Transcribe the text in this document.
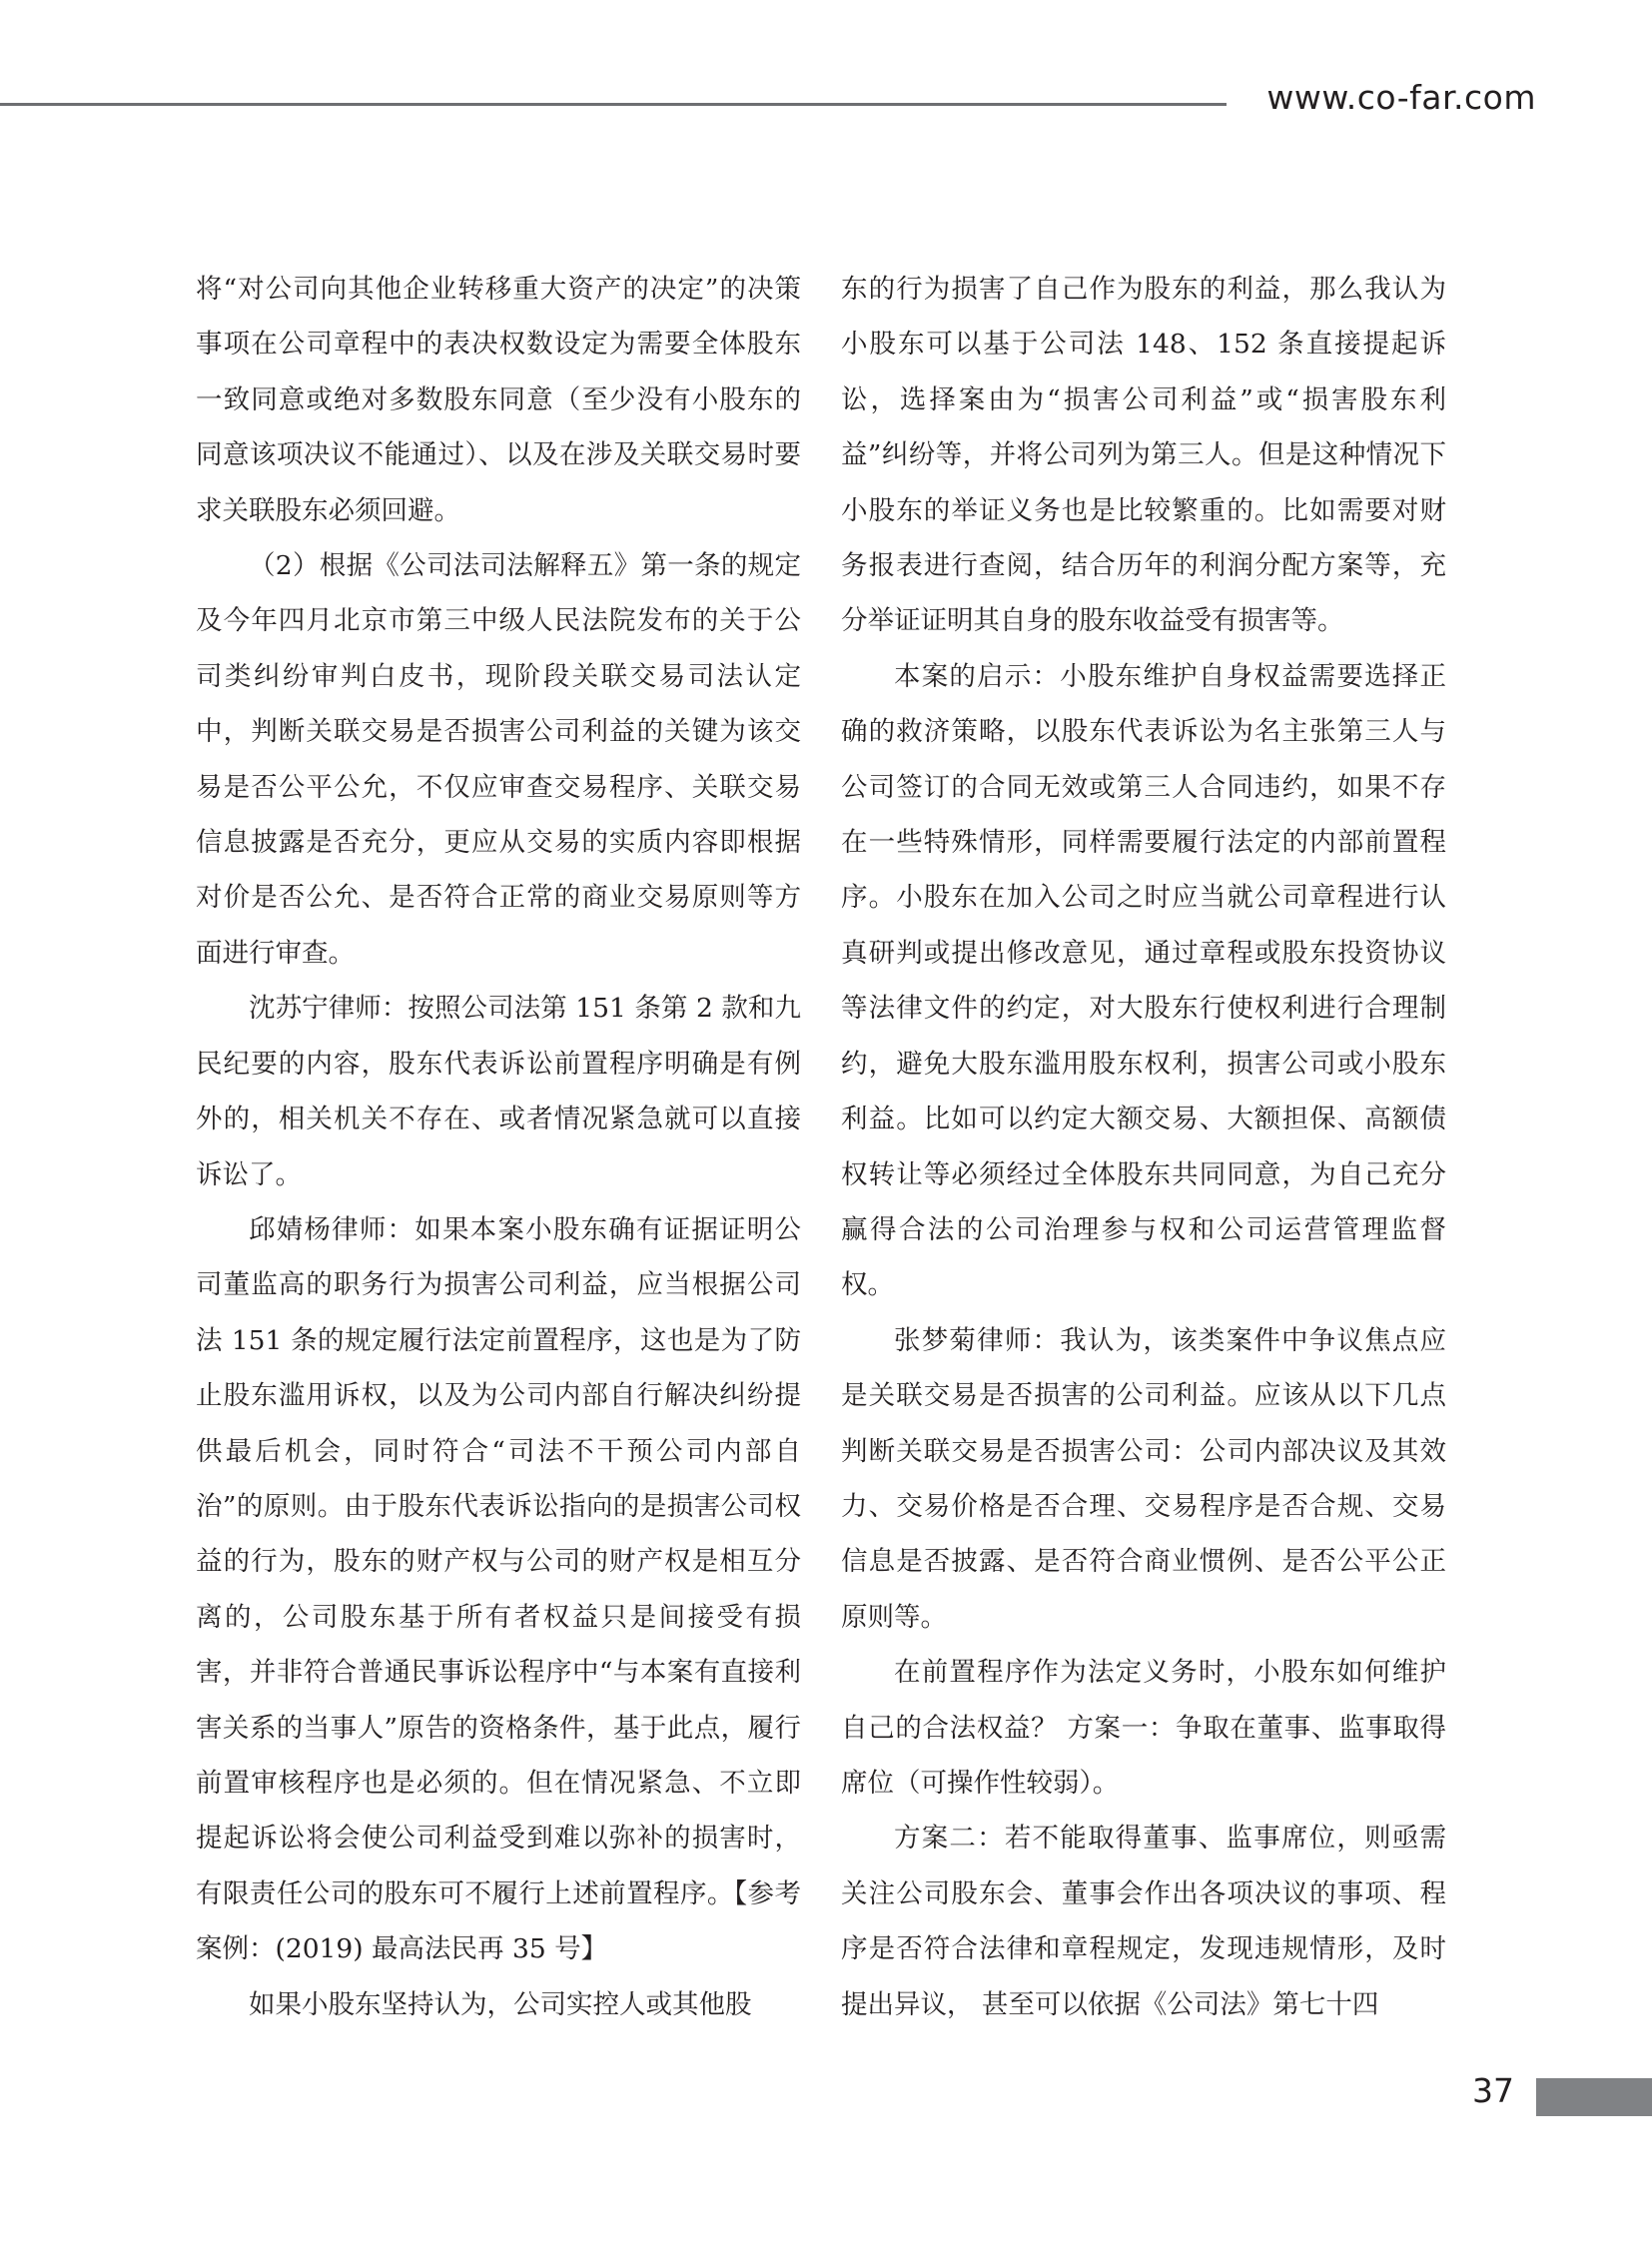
www.co-far.com

将“对公司向其他企业转移重大资产的决定”的决策事项在公司章程中的表决权数设定为需要全体股东一致同意或绝对多数股东同意（至少没有小股东的同意该项决议不能通过）、以及在涉及关联交易时要求关联股东必须回避。

（2）根据《公司法司法解释五》第一条的规定及今年四月北京市第三中级人民法院发布的关于公司类纠纷审判白皮书，现阶段关联交易司法认定中，判断关联交易是否损害公司利益的关键为该交易是否公平公允，不仅应审查交易程序、关联交易信息披露是否充分，更应从交易的实质内容即根据对价是否公允、是否符合正常的商业交易原则等方面进行审查。

沈苏宁律师：按照公司法第 151 条第 2 款和九民纪要的内容，股东代表诉讼前置程序明确是有例外的，相关机关不存在、或者情况紧急就可以直接诉讼了。

邱婧杨律师：如果本案小股东确有证据证明公司董监高的职务行为损害公司利益，应当根据公司法 151 条的规定履行法定前置程序，这也是为了防止股东滥用诉权，以及为公司内部自行解决纠纷提供最后机会，同时符合“司法不干预公司内部自治”的原则。由于股东代表诉讼指向的是损害公司权益的行为，股东的财产权与公司的财产权是相互分离的，公司股东基于所有者权益只是间接受有损害，并非符合普通民事诉讼程序中“与本案有直接利害关系的当事人”原告的资格条件，基于此点，履行前置审核程序也是必须的。但在情况紧急、不立即提起诉讼将会使公司利益受到难以弥补的损害时，有限责任公司的股东可不履行上述前置程序。【参考案例：(2019) 最高法民再 35 号】

如果小股东坚持认为，公司实控人或其他股

东的行为损害了自己作为股东的利益，那么我认为小股东可以基于公司法 148、152 条直接提起诉讼，选择案由为“损害公司利益”或“损害股东利益”纠纷等，并将公司列为第三人。但是这种情况下小股东的举证义务也是比较繁重的。比如需要对财务报表进行查阅，结合历年的利润分配方案等，充分举证证明其自身的股东收益受有损害等。

本案的启示：小股东维护自身权益需要选择正确的救济策略，以股东代表诉讼为名主张第三人与公司签订的合同无效或第三人合同违约，如果不存在一些特殊情形，同样需要履行法定的内部前置程序。小股东在加入公司之时应当就公司章程进行认真研判或提出修改意见，通过章程或股东投资协议等法律文件的约定，对大股东行使权利进行合理制约，避免大股东滥用股东权利，损害公司或小股东利益。比如可以约定大额交易、大额担保、高额债权转让等必须经过全体股东共同同意，为自己充分赢得合法的公司治理参与权和公司运营管理监督权。

张梦菊律师：我认为，该类案件中争议焦点应是关联交易是否损害的公司利益。应该从以下几点判断关联交易是否损害公司：公司内部决议及其效力、交易价格是否合理、交易程序是否合规、交易信息是否披露、是否符合商业惯例、是否公平公正原则等。

在前置程序作为法定义务时，小股东如何维护自己的合法权益？ 方案一：争取在董事、监事取得席位（可操作性较弱）。

方案二：若不能取得董事、监事席位，则亟需关注公司股东会、董事会作出各项决议的事项、程序是否符合法律和章程规定，发现违规情形，及时提出异议， 甚至可以依据《公司法》第七十四

37
